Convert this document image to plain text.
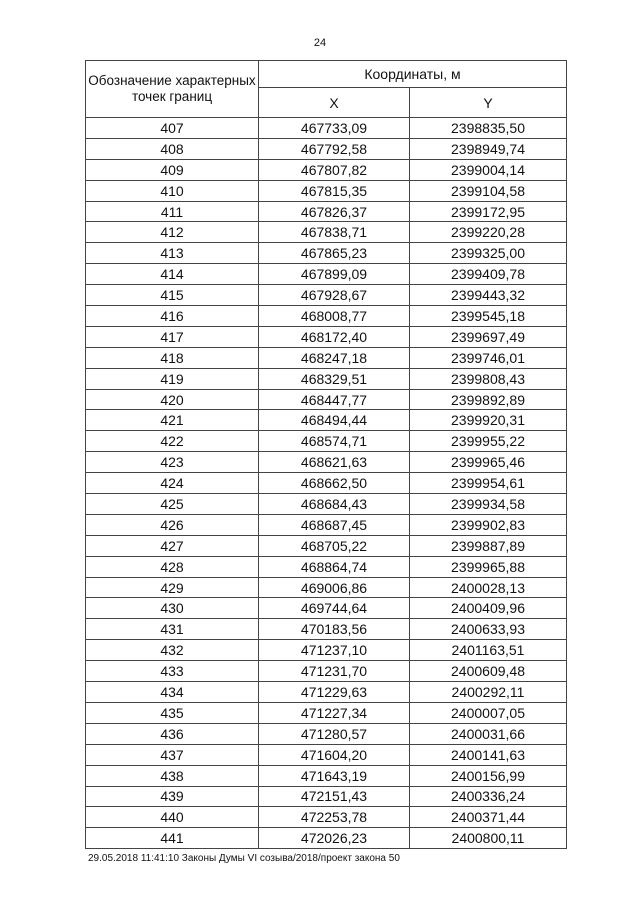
24
Обозначение характерных точек границ	Координаты, м	
	X	Y
407	467733,09	2398835,50
408	467792,58	2398949,74
409	467807,82	2399004,14
410	467815,35	2399104,58
411	467826,37	2399172,95
412	467838,71	2399220,28
413	467865,23	2399325,00
414	467899,09	2399409,78
415	467928,67	2399443,32
416	468008,77	2399545,18
417	468172,40	2399697,49
418	468247,18	2399746,01
419	468329,51	2399808,43
420	468447,77	2399892,89
421	468494,44	2399920,31
422	468574,71	2399955,22
423	468621,63	2399965,46
424	468662,50	2399954,61
425	468684,43	2399934,58
426	468687,45	2399902,83
427	468705,22	2399887,89
428	468864,74	2399965,88
429	469006,86	2400028,13
430	469744,64	2400409,96
431	470183,56	2400633,93
432	471237,10	2401163,51
433	471231,70	2400609,48
434	471229,63	2400292,11
435	471227,34	2400007,05
436	471280,57	2400031,66
437	471604,20	2400141,63
438	471643,19	2400156,99
439	472151,43	2400336,24
440	472253,78	2400371,44
441	472026,23	2400800,11
29.05.2018 11:41:10 Законы Думы VI созыва/2018/проект закона 50
